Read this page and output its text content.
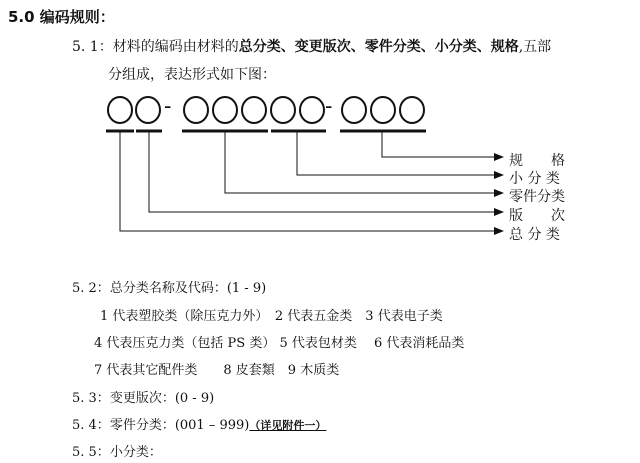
5.0 编码规则：
5. 1：材料的编码由材料的总分类、变更版次、零件分类、小分类、规格,五部
分组成，表达形式如下图：
-	-
规　　格
小 分 类
零件分类
版　　次
总 分 类
5. 2：总分类名称及代码：(1 - 9)
1 代表塑胶类（除压克力外）　2 代表五金类　3 代表电子类
4 代表压克力类（包括 PS 类） 5 代表包材类　 6 代表消耗品类
7 代表其它配件类　　8 皮套類　9 木质类
5. 3：变更版次：(0 - 9)
5. 4：零件分类：(001 – 999)（详见附件一）
5. 5：小分类：
